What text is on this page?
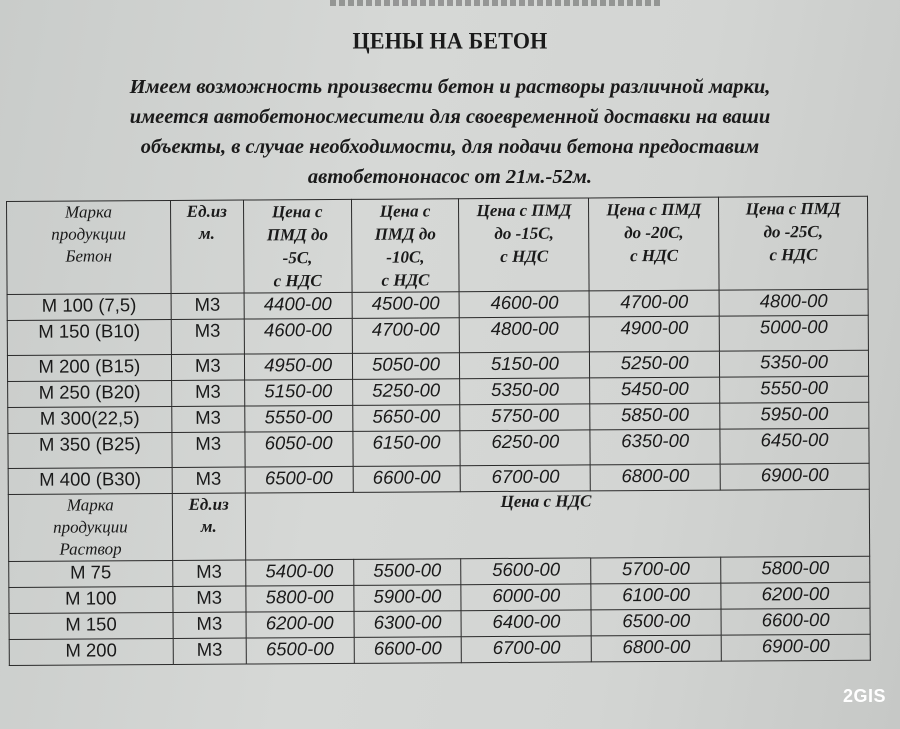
ЦЕНЫ НА БЕТОН
Имеем возможность произвести бетон и растворы различной марки,
имеется автобетоносмесители для своевременной доставки на ваши
объекты, в случае необходимости, для подачи бетона предоставим
автобетононасос от 21м.-52м.
Марка
продукции
Бетон

Ед.из
м.

Цена с
ПМД до
-5С,
с НДС

Цена с
ПМД до
-10С,
с НДС

Цена с ПМД
до -15С,
с НДС

Цена с ПМД
до -20С,
с НДС

Цена с ПМД
до -25С,
с НДС

М 100 (7,5)	М3	4400-00	4500-00	4600-00	4700-00	4800-00
М 150 (В10)	М3	4600-00	4700-00	4800-00	4900-00	5000-00
М 200 (В15)	М3	4950-00	5050-00	5150-00	5250-00	5350-00
М 250 (В20)	М3	5150-00	5250-00	5350-00	5450-00	5550-00
М 300(22,5)	М3	5550-00	5650-00	5750-00	5850-00	5950-00
М 350 (В25)	М3	6050-00	6150-00	6250-00	6350-00	6450-00
М 400 (В30)	М3	6500-00	6600-00	6700-00	6800-00	6900-00

Марка
продукции
Раствор

Ед.из
м.
	Цена с НДС
М 75	М3	5400-00	5500-00	5600-00	5700-00	5800-00
М 100	М3	5800-00	5900-00	6000-00	6100-00	6200-00
М 150	М3	6200-00	6300-00	6400-00	6500-00	6600-00
М 200	М3	6500-00	6600-00	6700-00	6800-00	6900-00
2GIS
